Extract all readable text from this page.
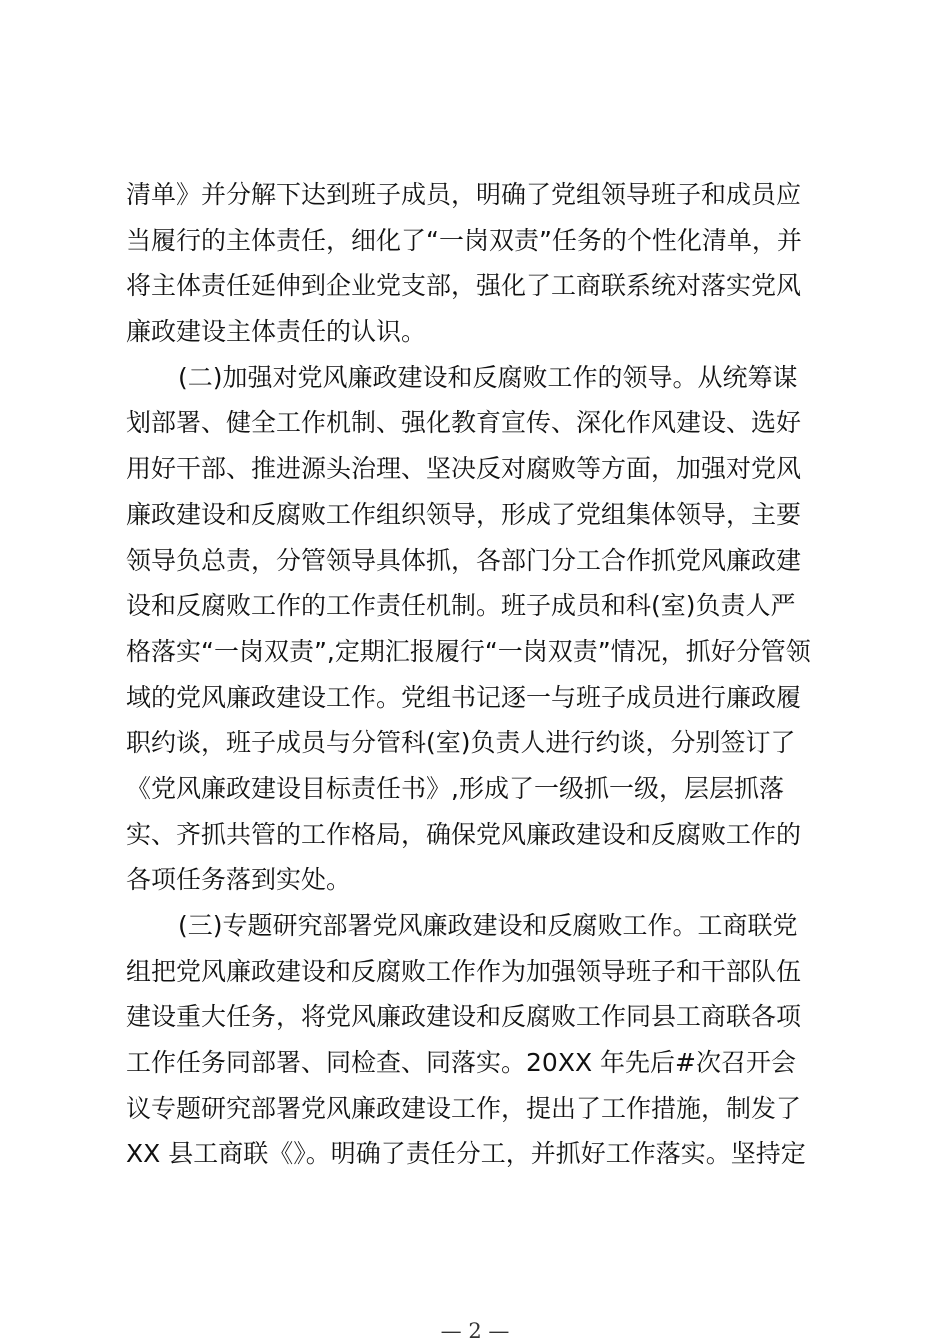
清单》并分解下达到班子成员，明确了党组领导班子和成员应
当履行的主体责任，细化了“一岗双责”任务的个性化清单，并
将主体责任延伸到企业党支部，强化了工商联系统对落实党风
廉政建设主体责任的认识。
(二)加强对党风廉政建设和反腐败工作的领导。从统筹谋
划部署、健全工作机制、强化教育宣传、深化作风建设、选好
用好干部、推进源头治理、坚决反对腐败等方面，加强对党风
廉政建设和反腐败工作组织领导，形成了党组集体领导，主要
领导负总责，分管领导具体抓，各部门分工合作抓党风廉政建
设和反腐败工作的工作责任机制。班子成员和科(室)负责人严
格落实“一岗双责”,定期汇报履行“一岗双责”情况，抓好分管领
域的党风廉政建设工作。党组书记逐一与班子成员进行廉政履
职约谈，班子成员与分管科(室)负责人进行约谈，分别签订了
《党风廉政建设目标责任书》,形成了一级抓一级，层层抓落
实、齐抓共管的工作格局，确保党风廉政建设和反腐败工作的
各项任务落到实处。
(三)专题研究部署党风廉政建设和反腐败工作。工商联党
组把党风廉政建设和反腐败工作作为加强领导班子和干部队伍
建设重大任务，将党风廉政建设和反腐败工作同县工商联各项
工作任务同部署、同检查、同落实。20XX 年先后#次召开会
议专题研究部署党风廉政建设工作，提出了工作措施，制发了
XX 县工商联《》。明确了责任分工，并抓好工作落实。坚持定
— 2 —
